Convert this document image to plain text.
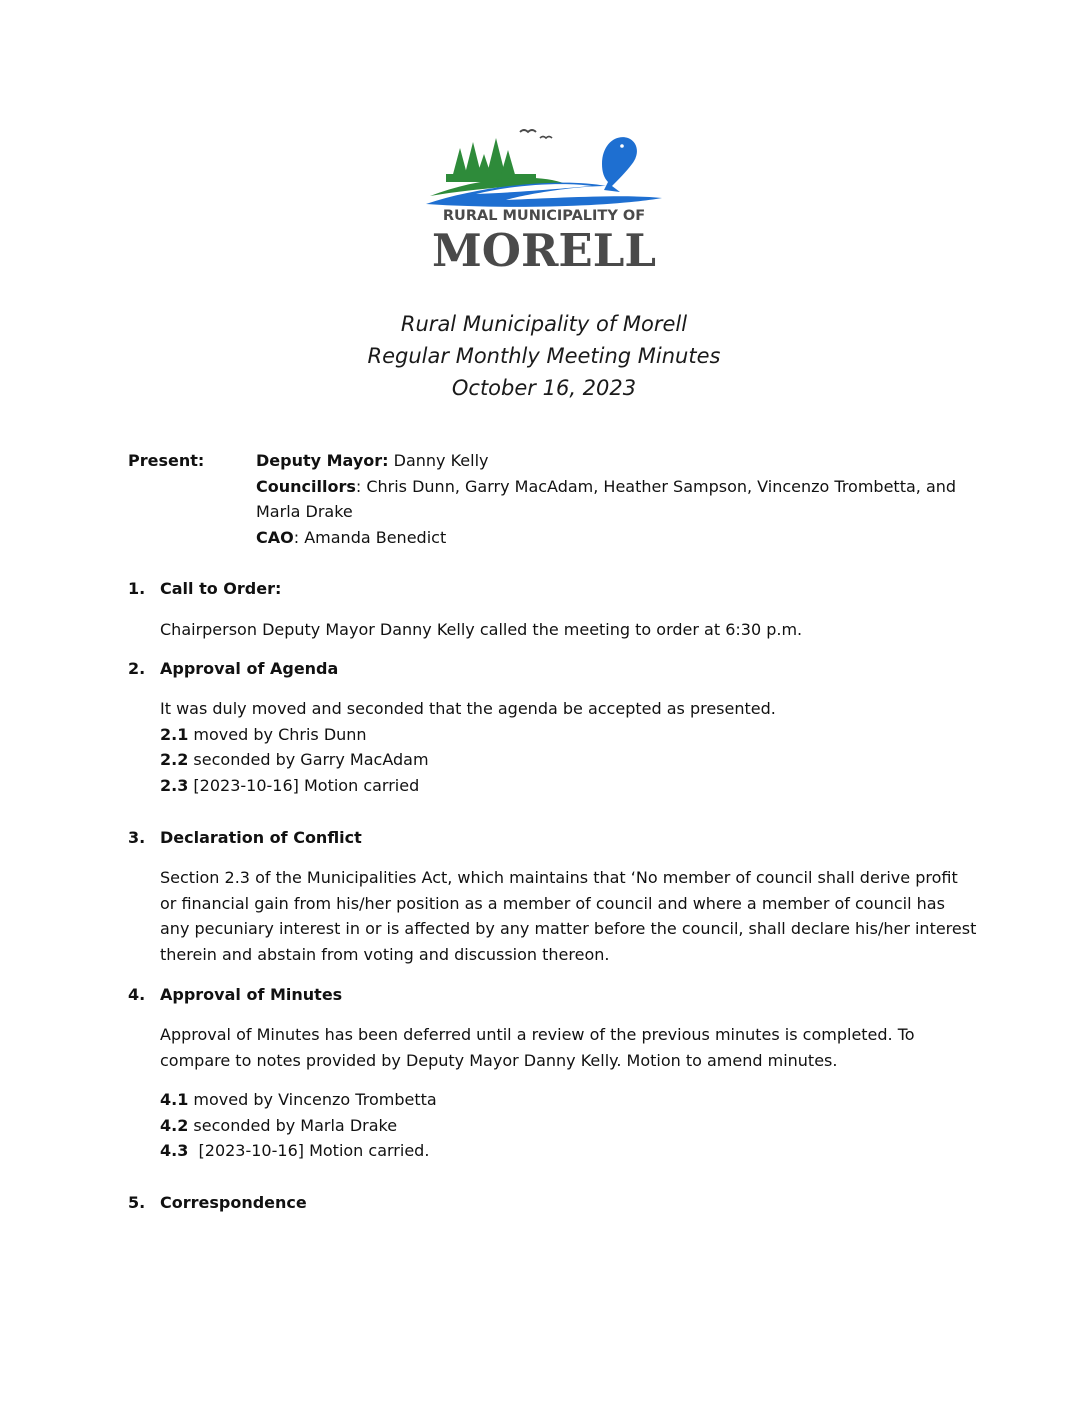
RURAL MUNICIPALITY OF
MORELL
Rural Municipality of Morell
Regular Monthly Meeting Minutes
October 16, 2023
Present:	Deputy Mayor: Danny Kelly
Councillors: Chris Dunn, Garry MacAdam, Heather Sampson, Vincenzo Trombetta, and Marla Drake
CAO: Amanda Benedict
1. Call to Order:
Chairperson Deputy Mayor Danny Kelly called the meeting to order at 6:30 p.m.
2. Approval of Agenda
It was duly moved and seconded that the agenda be accepted as presented.
2.1 moved by Chris Dunn
2.2 seconded by Garry MacAdam
2.3 [2023-10-16] Motion carried
3. Declaration of Conflict
Section 2.3 of the Municipalities Act, which maintains that ‘No member of council shall derive profit
or financial gain from his/her position as a member of council and where a member of council has
any pecuniary interest in or is affected by any matter before the council, shall declare his/her interest
therein and abstain from voting and discussion thereon.
4. Approval of Minutes
Approval of Minutes has been deferred until a review of the previous minutes is completed. To
compare to notes provided by Deputy Mayor Danny Kelly. Motion to amend minutes.
4.1 moved by Vincenzo Trombetta
4.2 seconded by Marla Drake
4.3  [2023-10-16] Motion carried.
5. Correspondence
